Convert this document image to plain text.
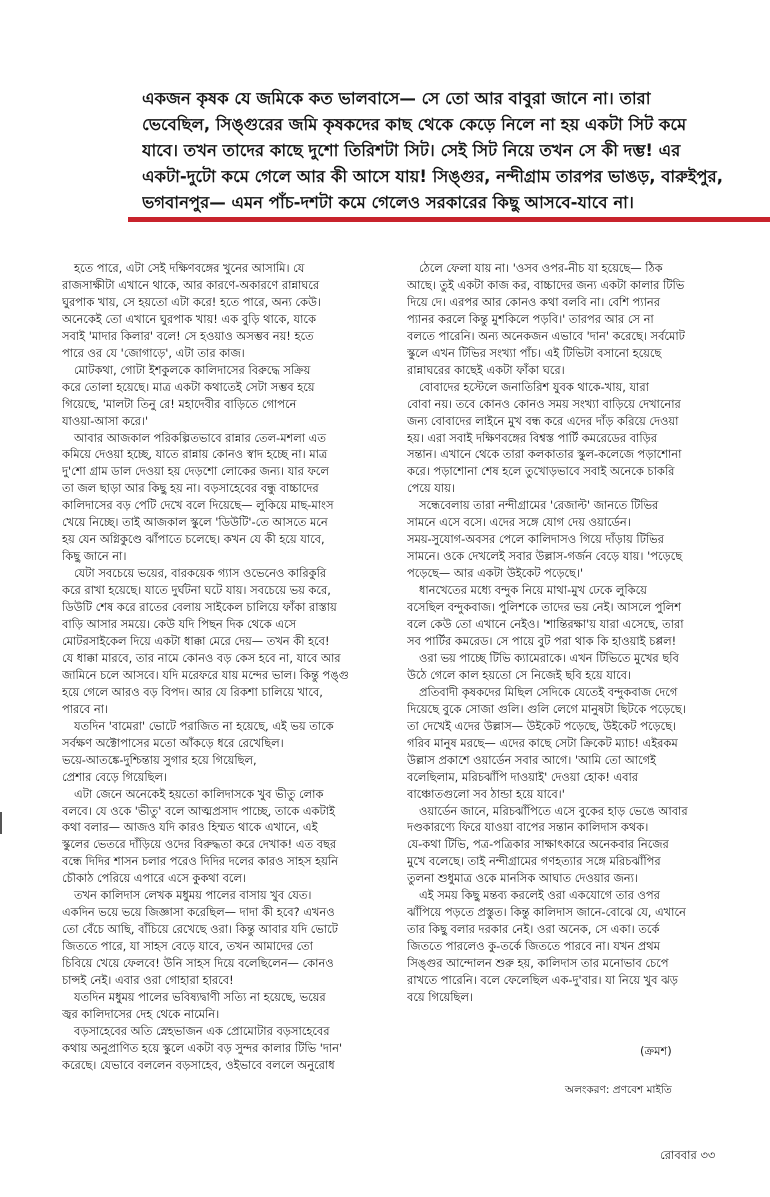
একজন কৃষক যে জমিকে কত ভালবাসে— সে তো আর বাবুরা জানে না। তারা
ভেবেছিল, সিঙ্গুরের জমি কৃষকদের কাছ থেকে কেড়ে নিলে না হয় একটা সিট কমে
যাবে। তখন তাদের কাছে দুশো তিরিশটা সিট। সেই সিট নিয়ে তখন সে কী দম্ভ! এর
একটা-দুটো কমে গেলে আর কী আসে যায়! সিঙ্গুর, নন্দীগ্রাম তারপর ভাঙড়, বারুইপুর,
ভগবানপুর— এমন পাঁচ-দশটা কমে গেলেও সরকারের কিছু আসবে-যাবে না।

হতে পারে, এটা সেই দক্ষিণবঙ্গের খুনের আসামি। যে
রাজসাক্ষীটা এখানে থাকে, আর কারণে-অকারণে রান্নাঘরে
ঘুরপাক খায়, সে হয়তো এটা করে! হতে পারে, অন্য কেউ।
অনেকেই তো এখানে ঘুরপাক খায়! এক বুড়ি থাকে, যাকে
সবাই 'মাদার কিলার' বলে! সে হওয়াও অসম্ভব নয়! হতে
পারে ওর যে 'জোগাড়ে', এটা তার কাজ।

মোটকথা, গোটা ইশকুলকে কালিদাসের বিরুদ্ধে সক্রিয়
করে তোলা হয়েছে। মাত্র একটা কথাতেই সেটা সম্ভব হয়ে
গিয়েছে, 'মালটা তিনু রে! মহাদেবীর বাড়িতে গোপনে
যাওয়া-আসা করে।'

আবার আজকাল পরিকল্পিতভাবে রান্নার তেল-মশলা এত
কমিয়ে দেওয়া হচ্ছে, যাতে রান্নায় কোনও স্বাদ হচ্ছে না। মাত্র
দু'শো গ্রাম ডাল দেওয়া হয় দেড়শো লোকের জন্য। যার ফলে
তা জল ছাড়া আর কিছু হয় না। বড়সাহেবের বন্ধু বাচ্চাদের
কালিদাসের বড় পেটি দেখে বলে দিয়েছে— লুকিয়ে মাছ-মাংস
খেয়ে নিচ্ছে। তাই আজকাল স্কুলে 'ডিউটি'-তে আসতে মনে
হয় যেন অগ্নিকুণ্ডে ঝাঁপাতে চলেছে। কখন যে কী হয়ে যাবে,
কিছু জানে না।

যেটা সবচেয়ে ভয়ের, বারকয়েক গ্যাস ওভেনেও কারিকুরি
করে রাখা হয়েছে। যাতে দুর্ঘটনা ঘটে যায়। সবচেয়ে ভয় করে,
ডিউটি শেষ করে রাতের বেলায় সাইকেল চালিয়ে ফাঁকা রাস্তায়
বাড়ি আসার সময়ে। কেউ যদি পিছন দিক থেকে এসে
মোটরসাইকেল দিয়ে একটা ধাক্কা মেরে দেয়— তখন কী হবে!
যে ধাক্কা মারবে, তার নামে কোনও বড় কেস হবে না, যাবে আর
জামিনে চলে আসবে। যদি মরেফরে যায় মন্দের ভাল। কিন্তু পঙ্গু
হয়ে গেলে আরও বড় বিপদ। আর যে রিকশা চালিয়ে খাবে,
পারবে না।

যতদিন 'বামেরা' ভোটে পরাজিত না হয়েছে, এই ভয় তাকে
সর্বক্ষণ অক্টোপাসের মতো আঁকড়ে ধরে রেখেছিল।
ভয়ে-আতঙ্কে-দুশ্চিন্তায় সুগার হয়ে গিয়েছিল,
প্রেশার বেড়ে গিয়েছিল।

এটা জেনে অনেকেই হয়তো কালিদাসকে খুব ভীতু লোক
বলবে। যে ওকে 'ভীতু' বলে আত্মপ্রসাদ পাচ্ছে, তাকে একটাই
কথা বলার— আজও যদি কারও হিম্মত থাকে এখানে, এই
স্কুলের ভেতরে দাঁড়িয়ে ওদের বিরুদ্ধতা করে দেখাক! এত বছর
বন্ধে দিদির শাসন চলার পরেও দিদির দলের কারও সাহস হয়নি
চৌকাঠ পেরিয়ে এপারে এসে কুকথা বলে।

তখন কালিদাস লেখক মধুময় পালের বাসায় খুব যেত।
একদিন ভয়ে ভয়ে জিজ্ঞাসা করেছিল— দাদা কী হবে? এখনও
তো বেঁচে আছি, বাঁচিয়ে রেখেছে ওরা। কিন্তু আবার যদি ভোটে
জিততে পারে, যা সাহস বেড়ে যাবে, তখন আমাদের তো
চিবিয়ে খেয়ে ফেলবে! উনি সাহস দিয়ে বলেছিলেন— কোনও
চান্সই নেই। এবার ওরা গোহারা হারবে!

যতদিন মধুময় পালের ভবিষ্যদ্বাণী সত্যি না হয়েছে, ভয়ের
জ্বর কালিদাসের দেহ থেকে নামেনি।

বড়সাহেবের অতি স্নেহভাজন এক প্রোমোটার বড়সাহেবের
কথায় অনুপ্রাণিত হয়ে স্কুলে একটা বড় সুন্দর কালার টিভি 'দান'
করেছে। যেভাবে বললেন বড়সাহেব, ওইভাবে বললে অনুরোধ

ঠেলে ফেলা যায় না। 'ওসব ওপর-নীচ যা হয়েছে— ঠিক
আছে। তুই একটা কাজ কর, বাচ্চাদের জন্য একটা কালার টিভি
দিয়ে দে। এরপর আর কোনও কথা বলবি না। বেশি প্যানর
প্যানর করলে কিন্তু মুশকিলে পড়বি।' তারপর আর সে না
বলতে পারেনি। অন্য অনেকজন এভাবে 'দান' করেছে। সর্বমোট
স্কুলে এখন টিভির সংখ্যা পাঁচ। এই টিভিটা বসানো হয়েছে
রান্নাঘরের কাছেই একটা ফাঁকা ঘরে।

বোবাদের হস্টেলে জনাতিরিশ যুবক থাকে-খায়, যারা
বোবা নয়। তবে কোনও কোনও সময় সংখ্যা বাড়িয়ে দেখানোর
জন্য বোবাদের লাইনে মুখ বন্ধ করে এদের দাঁড় করিয়ে দেওয়া
হয়। এরা সবাই দক্ষিণবঙ্গের বিশ্বস্ত পার্টি কমরেডের বাড়ির
সন্তান। এখানে থেকে তারা কলকাতার স্কুল-কলেজে পড়াশোনা
করে। পড়াশোনা শেষ হলে তুখোড়ভাবে সবাই অনেকে চাকরি
পেয়ে যায়।

সন্ধেবেলায় তারা নন্দীগ্রামের 'রেজাল্ট' জানতে টিভির
সামনে এসে বসে। এদের সঙ্গে যোগ দেয় ওয়ার্ডেন।
সময়-সুযোগ-অবসর পেলে কালিদাসও গিয়ে দাঁড়ায় টিভির
সামনে। ওকে দেখলেই সবার উল্লাস-গর্জন বেড়ে যায়। 'পড়েছে
পড়েছে— আর একটা উইকেট পড়েছে।'

ধানখেতের মধ্যে বন্দুক নিয়ে মাথা-মুখ ঢেকে লুকিয়ে
বসেছিল বন্দুকবাজ। পুলিশকে তাদের ভয় নেই। আসলে পুলিশ
বলে কেউ তো এখানে নেইও। 'শান্তিরক্ষা'য় যারা এসেছে, তারা
সব পার্টির কমরেড। সে পায়ে বুট পরা থাক কি হাওয়াই চপ্পল!

ওরা ভয় পাচ্ছে টিভি ক্যামেরাকে। এখন টিভিতে মুখের ছবি
উঠে গেলে কাল হয়তো সে নিজেই ছবি হয়ে যাবে।

প্রতিবাদী কৃষকদের মিছিল সেদিকে যেতেই বন্দুকবাজ দেগে
দিয়েছে বুকে সোজা গুলি। গুলি লেগে মানুষটা ছিটকে পড়েছে।
তা দেখেই এদের উল্লাস— উইকেট পড়েছে, উইকেট পড়েছে।
গরিব মানুষ মরছে— এদের কাছে সেটা ক্রিকেট ম্যাচ! এইরকম
উল্লাস প্রকাশে ওয়ার্ডেন সবার আগে। 'আমি তো আগেই
বলেছিলাম, মরিচঝাঁপি দাওয়াই' দেওয়া হোক! এবার
বাঞ্চোতগুলো সব ঠান্ডা হয়ে যাবে।'

ওয়ার্ডেন জানে, মরিচঝাঁপিতে এসে বুকের হাড় ভেঙে আবার
দণ্ডকারণ্যে ফিরে যাওয়া বাপের সন্তান কালিদাস কথক।
যে-কথা টিভি, পত্র-পত্রিকার সাক্ষাৎকারে অনেকবার নিজের
মুখে বলেছে। তাই নন্দীগ্রামের গণহত্যার সঙ্গে মরিচঝাঁপির
তুলনা শুধুমাত্র ওকে মানসিক আঘাত দেওয়ার জন্য।

এই সময় কিছু মন্তব্য করলেই ওরা একযোগে তার ওপর
ঝাঁপিয়ে পড়তে প্রস্তুত। কিন্তু কালিদাস জানে-বোঝে যে, এখানে
তার কিছু বলার দরকার নেই। ওরা অনেক, সে একা। তর্কে
জিততে পারলেও কু-তর্কে জিততে পারবে না। যখন প্রথম
সিঙ্গুর আন্দোলন শুরু হয়, কালিদাস তার মনোভাব চেপে
রাখতে পারেনি। বলে ফেলেছিল এক-দু'বার। যা নিয়ে খুব ঝড়
বয়ে গিয়েছিল।

(ক্রমশ)
অলংকরণ: প্রণবেশ মাইতি
রোববার ৩৩
